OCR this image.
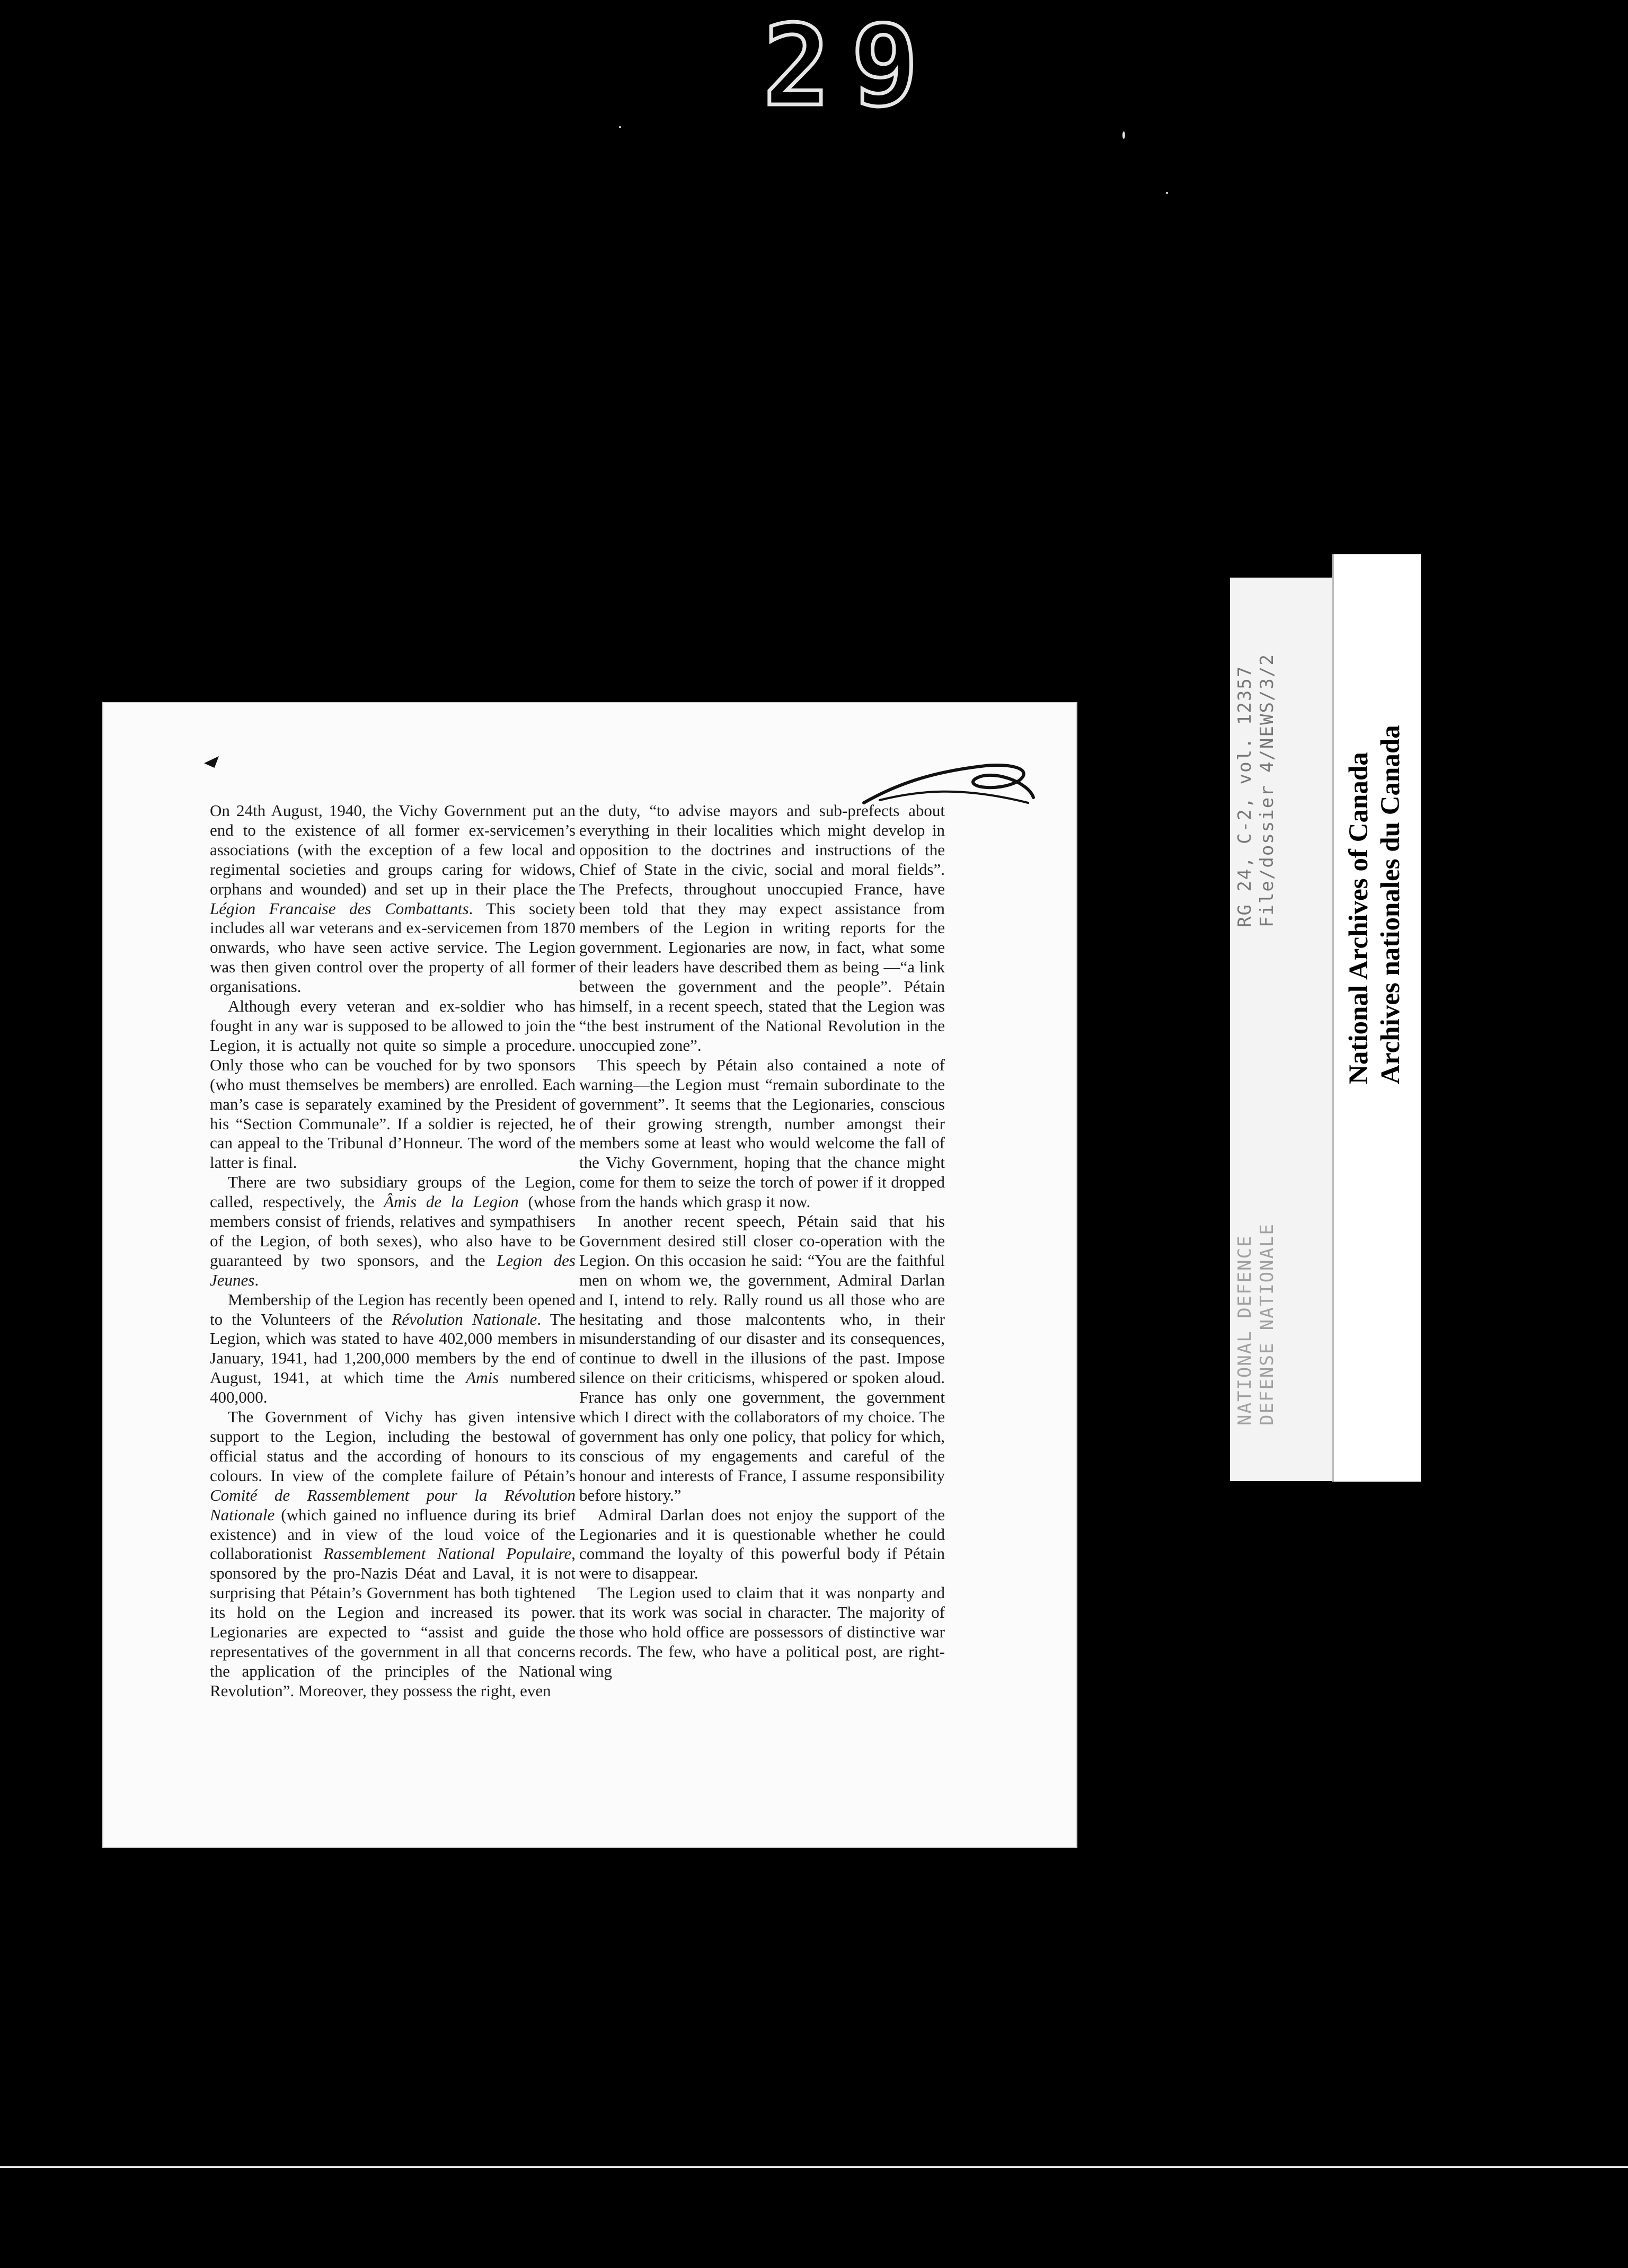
29

On 24th August, 1940, the Vichy Government put an end to the existence of all former ex-servicemen’s associations (with the exception of a few local and regimental societies and groups caring for widows, orphans and wounded) and set up in their place the Légion Francaise des Combattants. This society includes all war veterans and ex-servicemen from 1870 onwards, who have seen active service. The Legion was then given control over the property of all former organisations.

Although every veteran and ex-soldier who has fought in any war is supposed to be allowed to join the Legion, it is actually not quite so simple a procedure. Only those who can be vouched for by two sponsors (who must themselves be members) are enrolled. Each man’s case is separately examined by the President of his “Section Communale”. If a soldier is rejected, he can appeal to the Tribunal d’Honneur. The word of the latter is final.

There are two subsidiary groups of the Legion, called, respectively, the Âmis de la Legion (whose members consist of friends, relatives and sympathisers of the Legion, of both sexes), who also have to be guaranteed by two sponsors, and the Legion des Jeunes.

Membership of the Legion has recently been opened to the Volunteers of the Révolution Nationale. The Legion, which was stated to have 402,000 members in January, 1941, had 1,200,000 members by the end of August, 1941, at which time the Amis numbered 400,000.

The Government of Vichy has given intensive support to the Legion, including the bestowal of official status and the according of honours to its colours. In view of the complete failure of Pétain’s Comité de Rassemblement pour la Révolution Nationale (which gained no influence during its brief existence) and in view of the loud voice of the collaborationist Rassemblement National Populaire, sponsored by the pro-Nazis Déat and Laval, it is not surprising that Pétain’s Government has both tightened its hold on the Legion and increased its power. Legionaries are expected to “assist and guide the representatives of the government in all that concerns the application of the principles of the National Revolution”. Moreover, they possess the right, even

the duty, “to advise mayors and sub-prefects about everything in their localities which might develop in opposition to the doctrines and instructions of the Chief of State in the civic, social and moral fields”. The Prefects, throughout unoccupied France, have been told that they may expect assistance from members of the Legion in writing reports for the government. Legionaries are now, in fact, what some of their leaders have described them as being —“a link between the government and the people”. Pétain himself, in a recent speech, stated that the Legion was “the best instrument of the National Revolution in the unoccupied zone”.

This speech by Pétain also contained a note of warning—the Legion must “remain subordinate to the government”. It seems that the Legionaries, conscious of their growing strength, number amongst their members some at least who would welcome the fall of the Vichy Government, hoping that the chance might come for them to seize the torch of power if it dropped from the hands which grasp it now.

In another recent speech, Pétain said that his Government desired still closer co-operation with the Legion. On this occasion he said: “You are the faithful men on whom we, the government, Admiral Darlan and I, intend to rely. Rally round us all those who are hesitating and those malcontents who, in their misunderstanding of our disaster and its consequences, continue to dwell in the illusions of the past. Impose silence on their criticisms, whispered or spoken aloud. France has only one government, the government which I direct with the collaborators of my choice. The government has only one policy, that policy for which, conscious of my engagements and careful of the honour and interests of France, I assume responsibility before history.”

Admiral Darlan does not enjoy the support of the Legionaries and it is questionable whether he could command the loyalty of this powerful body if Pétain were to disappear.

The Legion used to claim that it was nonparty and that its work was social in character. The majority of those who hold office are possessors of distinctive war records. The few, who have a political post, are right-wing

RG 24, C-2, vol. 12357 File/dossier 4/NEWS/3/2
NATIONAL DEFENCE DEFENSE NATIONALE
National Archives of Canada Archives nationales du Canada
